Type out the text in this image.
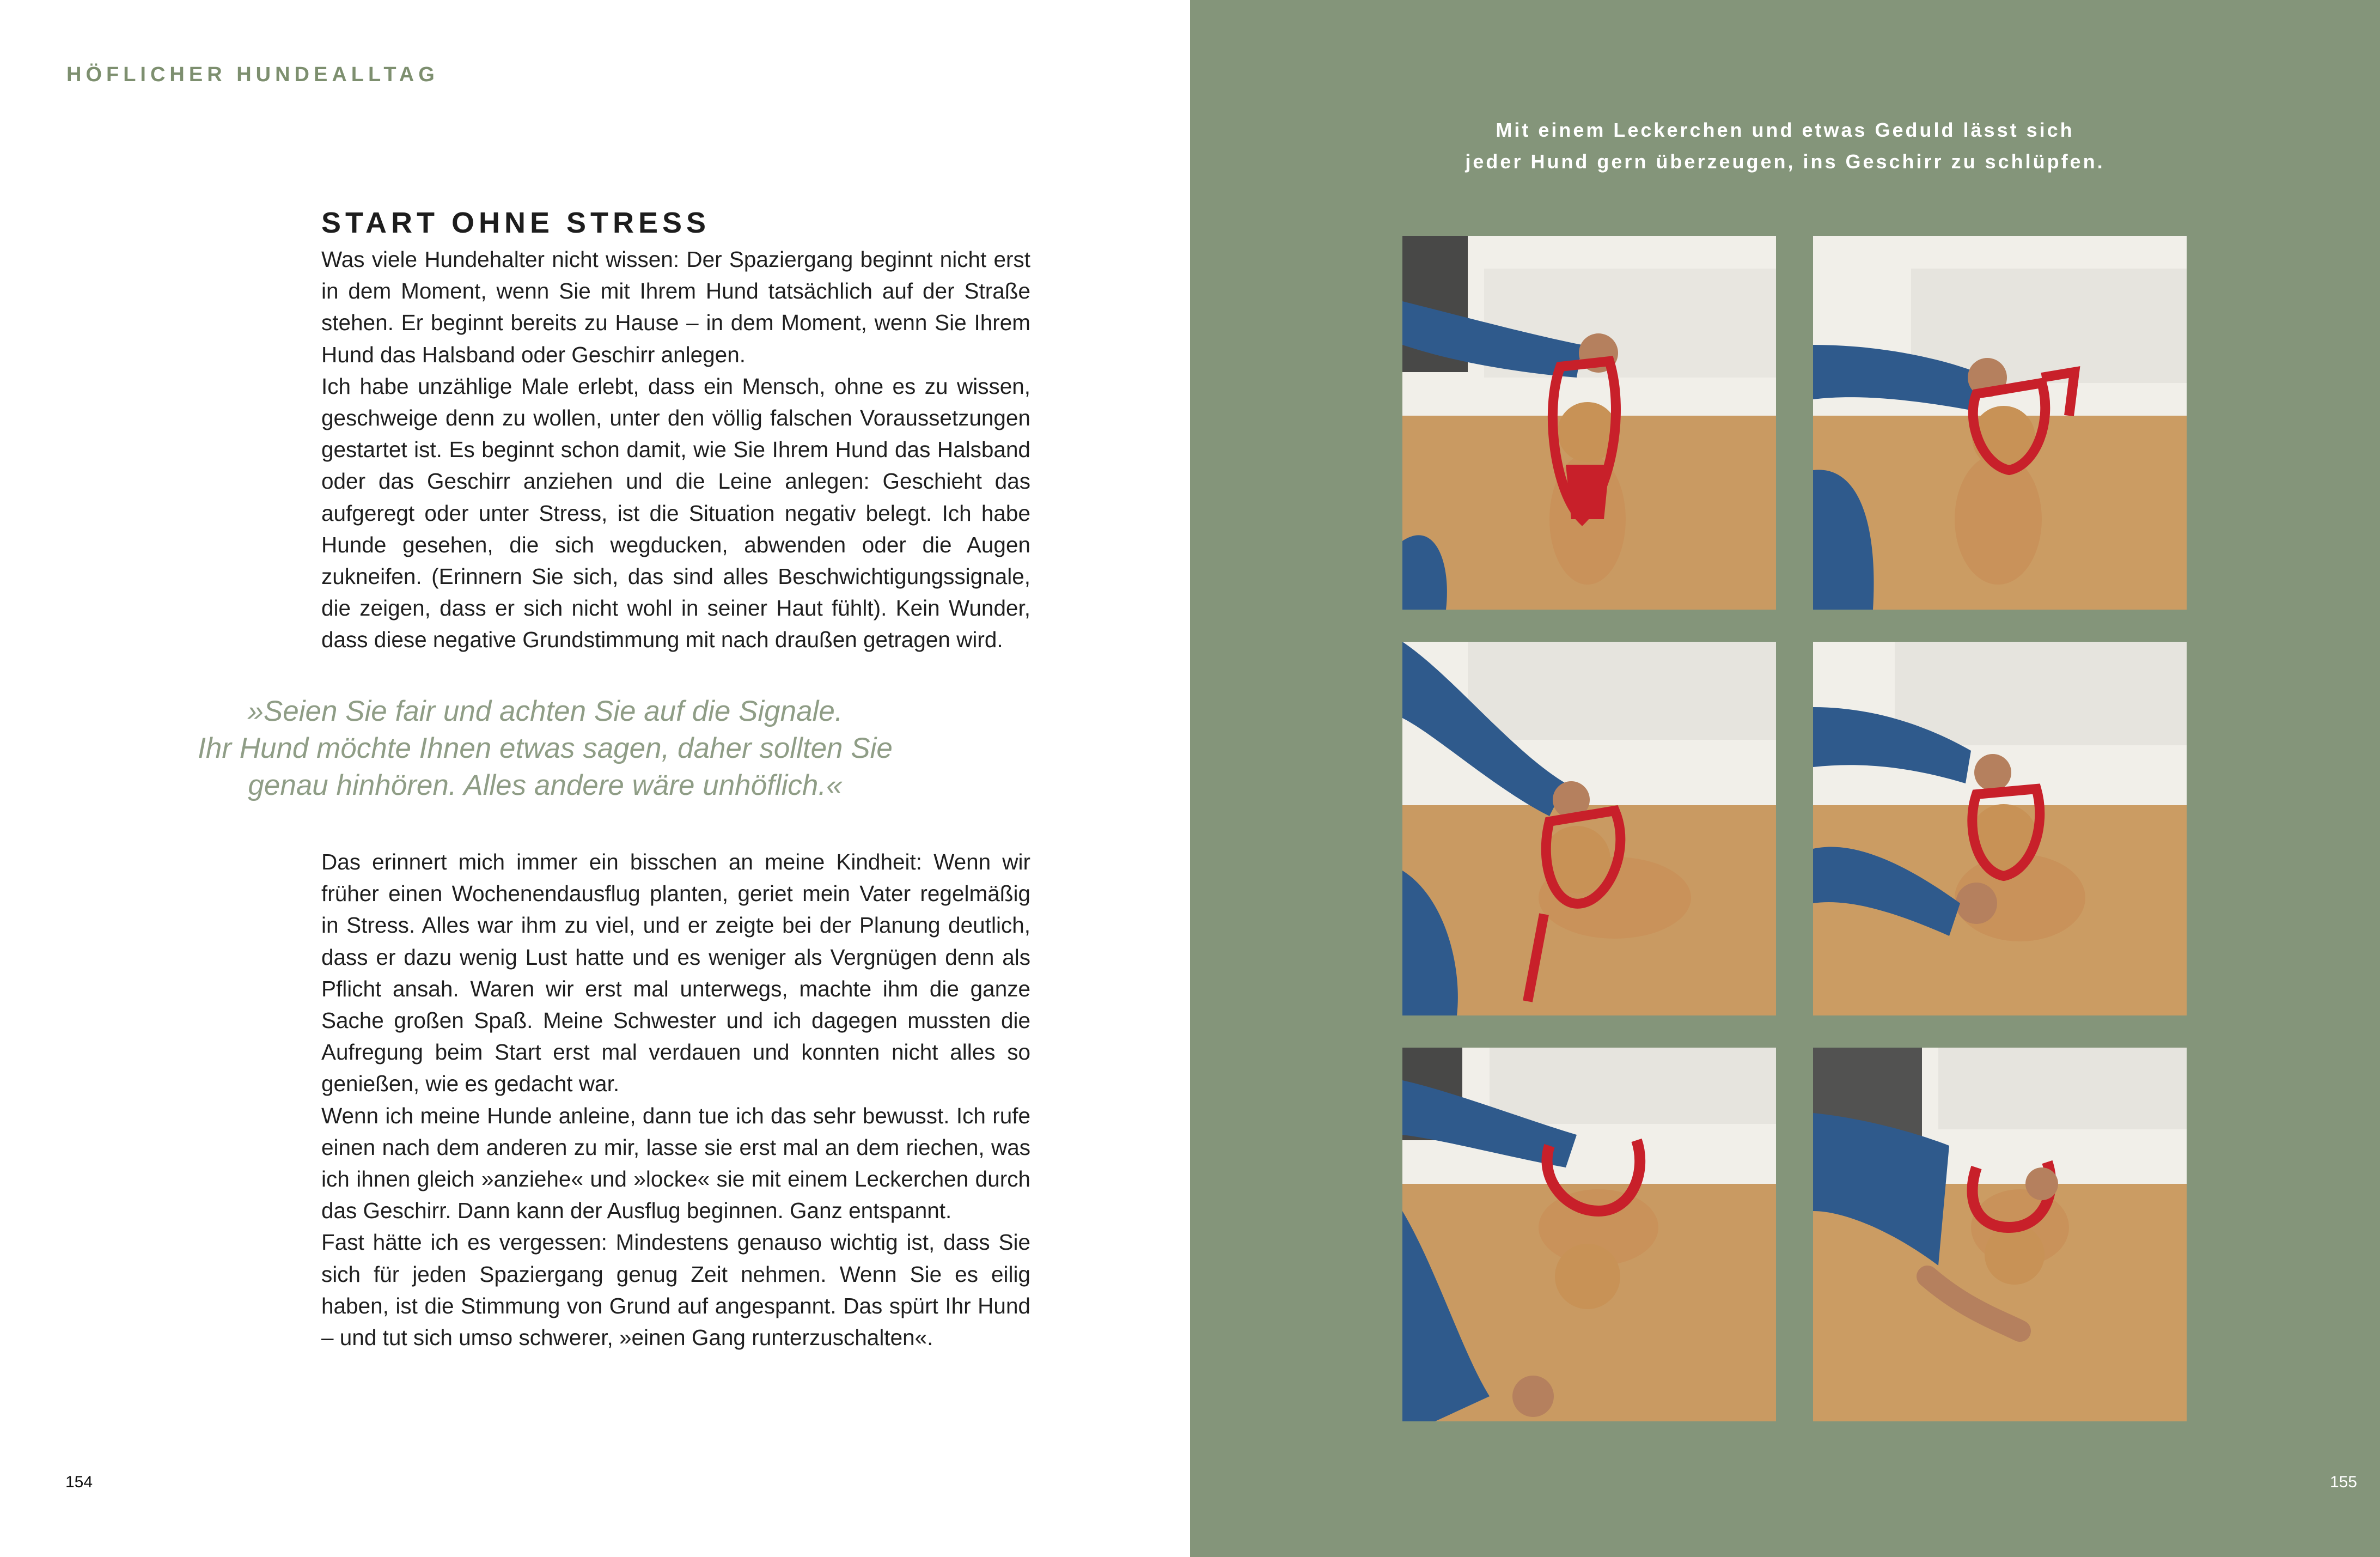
HÖFLICHER HUNDEALLTAG
START OHNE STRESS

Was viele Hundehalter nicht wissen: Der Spaziergang beginnt nicht erst in dem Moment, wenn Sie mit Ihrem Hund tatsächlich auf der Straße stehen. Er beginnt bereits zu Hause – in dem Moment, wenn Sie Ihrem Hund das Halsband oder Geschirr anlegen.

Ich habe unzählige Male erlebt, dass ein Mensch, ohne es zu wissen, geschweige denn zu wollen, unter den völlig falschen Voraussetzungen gestartet ist. Es beginnt schon damit, wie Sie Ihrem Hund das Halsband oder das Geschirr anziehen und die Leine anlegen: Geschieht das aufgeregt oder unter Stress, ist die Situation negativ belegt. Ich habe Hunde gesehen, die sich wegducken, abwenden oder die Augen zukneifen. (Erinnern Sie sich, das sind alles Beschwichtigungssignale, die zeigen, dass er sich nicht wohl in seiner Haut fühlt). Kein Wunder, dass diese negative Grundstimmung mit nach draußen getragen wird.

»Seien Sie fair und achten Sie auf die Signale.
Ihr Hund möchte Ihnen etwas sagen, daher sollten Sie
genau hinhören. Alles andere wäre unhöflich.«

Das erinnert mich immer ein bisschen an meine Kindheit: Wenn wir früher einen Wochenendausflug planten, geriet mein Vater regelmäßig in Stress. Alles war ihm zu viel, und er zeigte bei der Planung deutlich, dass er dazu wenig Lust hatte und es weniger als Vergnügen denn als Pflicht ansah. Waren wir erst mal unterwegs, machte ihm die ganze Sache großen Spaß. Meine Schwester und ich dagegen mussten die Aufregung beim Start erst mal verdauen und konnten nicht alles so genießen, wie es gedacht war.

Wenn ich meine Hunde anleine, dann tue ich das sehr bewusst. Ich rufe einen nach dem anderen zu mir, lasse sie erst mal an dem riechen, was ich ihnen gleich »anziehe« und »locke« sie mit einem Leckerchen durch das Geschirr. Dann kann der Ausflug beginnen. Ganz entspannt.

Fast hätte ich es vergessen: Mindestens genauso wichtig ist, dass Sie sich für jeden Spaziergang genug Zeit nehmen. Wenn Sie es eilig haben, ist die Stimmung von Grund auf angespannt. Das spürt Ihr Hund – und tut sich umso schwerer, »einen Gang runterzuschalten«.

154
Mit einem Leckerchen und etwas Geduld lässt sich
jeder Hund gern überzeugen, ins Geschirr zu schlüpfen.
155
